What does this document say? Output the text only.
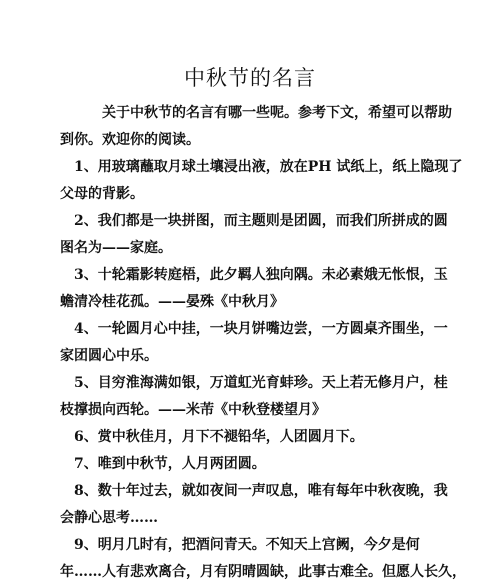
中秋节的名言

关于中秋节的名言有哪一些呢。参考下文，希望可以帮助
到你。欢迎你的阅读。

1、用玻璃蘸取月球土壤浸出液，放在PH 试纸上，纸上隐现了
父母的背影。

2、我们都是一块拼图，而主题则是团圆，而我们所拼成的圆
图名为——家庭。

3、十轮霜影转庭梧，此夕羁人独向隅。未必素娥无怅恨，玉
蟾清冷桂花孤。——晏殊《中秋月》

4、一轮圆月心中挂，一块月饼嘴边尝，一方圆桌齐围坐，一
家团圆心中乐。

5、目穷淮海满如银，万道虹光育蚌珍。天上若无修月户，桂
枝撑损向西轮。——米芾《中秋登楼望月》

6、赏中秋佳月，月下不褪铅华，人团圆月下。

7、唯到中秋节，人月两团圆。

8、数十年过去，就如夜间一声叹息，唯有每年中秋夜晚，我
会静心思考……

9、明月几时有，把酒问青天。不知天上宫阙，今夕是何
年……人有悲欢离合，月有阴晴圆缺，此事古难全。但愿人长久，
